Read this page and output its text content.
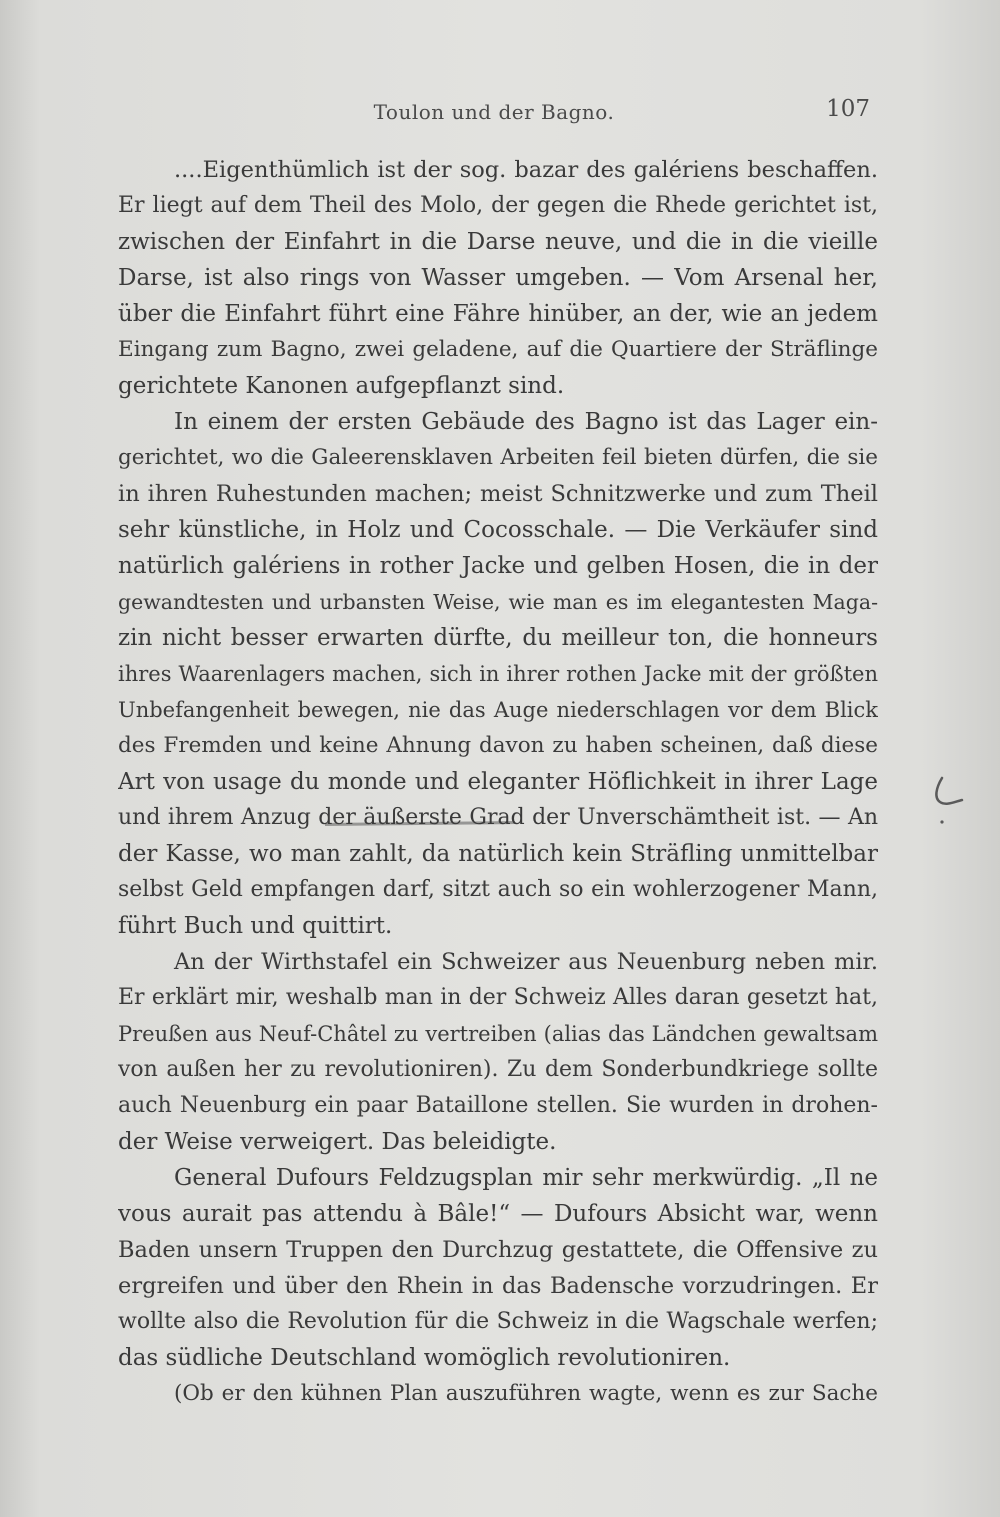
Toulon und der Bagno.	107
....Eigenthümlich ist der sog. bazar des galériens beschaffen.
Er liegt auf dem Theil des Molo, der gegen die Rhede gerichtet ist,
zwischen der Einfahrt in die Darse neuve, und die in die vieille
Darse, ist also rings von Wasser umgeben. — Vom Arsenal her,
über die Einfahrt führt eine Fähre hinüber, an der, wie an jedem
Eingang zum Bagno, zwei geladene, auf die Quartiere der Sträflinge
gerichtete Kanonen aufgepflanzt sind.
In einem der ersten Gebäude des Bagno ist das Lager ein-
gerichtet, wo die Galeerensklaven Arbeiten feil bieten dürfen, die sie
in ihren Ruhestunden machen; meist Schnitzwerke und zum Theil
sehr künstliche, in Holz und Cocosschale. — Die Verkäufer sind
natürlich galériens in rother Jacke und gelben Hosen, die in der
gewandtesten und urbansten Weise, wie man es im elegantesten Maga-
zin nicht besser erwarten dürfte, du meilleur ton, die honneurs
ihres Waarenlagers machen, sich in ihrer rothen Jacke mit der größten
Unbefangenheit bewegen, nie das Auge niederschlagen vor dem Blick
des Fremden und keine Ahnung davon zu haben scheinen, daß diese
Art von usage du monde und eleganter Höflichkeit in ihrer Lage
und ihrem Anzug der äußerste Grad der Unverschämtheit ist. — An
der Kasse, wo man zahlt, da natürlich kein Sträfling unmittelbar
selbst Geld empfangen darf, sitzt auch so ein wohlerzogener Mann,
führt Buch und quittirt.
An der Wirthstafel ein Schweizer aus Neuenburg neben mir.
Er erklärt mir, weshalb man in der Schweiz Alles daran gesetzt hat,
Preußen aus Neuf-Châtel zu vertreiben (alias das Ländchen gewaltsam
von außen her zu revolutioniren). Zu dem Sonderbundkriege sollte
auch Neuenburg ein paar Bataillone stellen. Sie wurden in drohen-
der Weise verweigert. Das beleidigte.
General Dufours Feldzugsplan mir sehr merkwürdig. „Il ne
vous aurait pas attendu à Bâle!“ — Dufours Absicht war, wenn
Baden unsern Truppen den Durchzug gestattete, die Offensive zu
ergreifen und über den Rhein in das Badensche vorzudringen. Er
wollte also die Revolution für die Schweiz in die Wagschale werfen;
das südliche Deutschland womöglich revolutioniren.
(Ob er den kühnen Plan auszuführen wagte, wenn es zur Sache
